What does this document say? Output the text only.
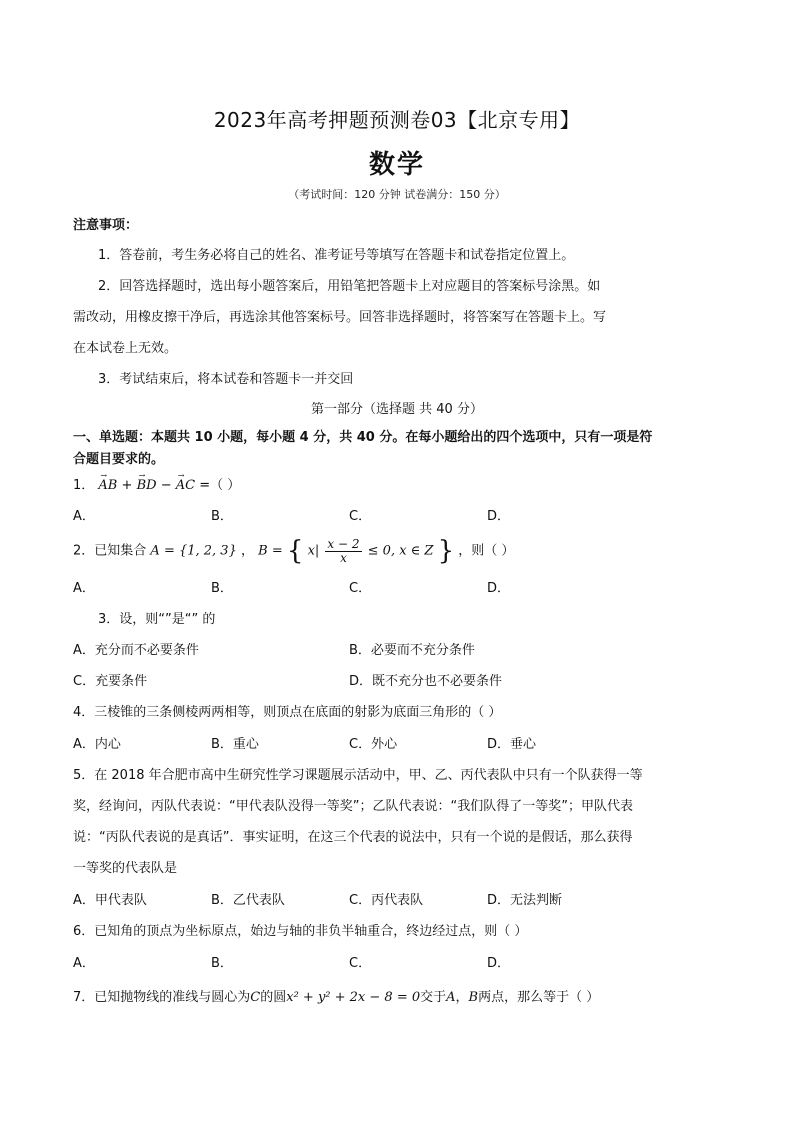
2023年高考押题预测卷03【北京专用】
数学
（考试时间：120 分钟 试卷满分：150 分）
注意事项：
1．答卷前，考生务必将自己的姓名、准考证号等填写在答题卡和试卷指定位置上。
2．回答选择题时，选出每小题答案后，用铅笔把答题卡上对应题目的答案标号涂黑。如
需改动，用橡皮擦干净后，再选涂其他答案标号。回答非选择题时，将答案写在答题卡上。写
在本试卷上无效。
3．考试结束后，将本试卷和答题卡一并交回
第一部分（选择题 共 40 分）
一、单选题：本题共 10 小题，每小题 4 分，共 40 分。在每小题给出的四个选项中，只有一项是符
合题目要求的。
1． → AB + → BD − → AC =（ ）
A．	B．	C．	D．
2．已知集合 A = {1, 2, 3} ， B = { $x| \frac{x - 2}{x} \le 0$, x ∈ Z } ，则（ ）
A．	B．	C．	D．
3．设，则“”是“” 的
A．充分而不必要条件	B．必要而不充分条件
C．充要条件	D．既不充分也不必要条件
4．三棱锥的三条侧棱两两相等，则顶点在底面的射影为底面三角形的（ ）
A．内心	B．重心	C．外心	D．垂心
5．在 2018 年合肥市高中生研究性学习课题展示活动中，甲、乙、丙代表队中只有一个队获得一等
奖，经询问，丙队代表说：“甲代表队没得一等奖”；乙队代表说：“我们队得了一等奖”；甲队代表
说：“丙队代表说的是真话”．事实证明，在这三个代表的说法中，只有一个说的是假话，那么获得
一等奖的代表队是
A．甲代表队	B．乙代表队	C．丙代表队	D．无法判断
6．已知角的顶点为坐标原点，始边与轴的非负半轴重合，终边经过点，则（ ）
A．	B．	C．	D．
7．已知抛物线的准线与圆心为C的圆x² + y² + 2x − 8 = 0交于A，B两点，那么等于（ ）
